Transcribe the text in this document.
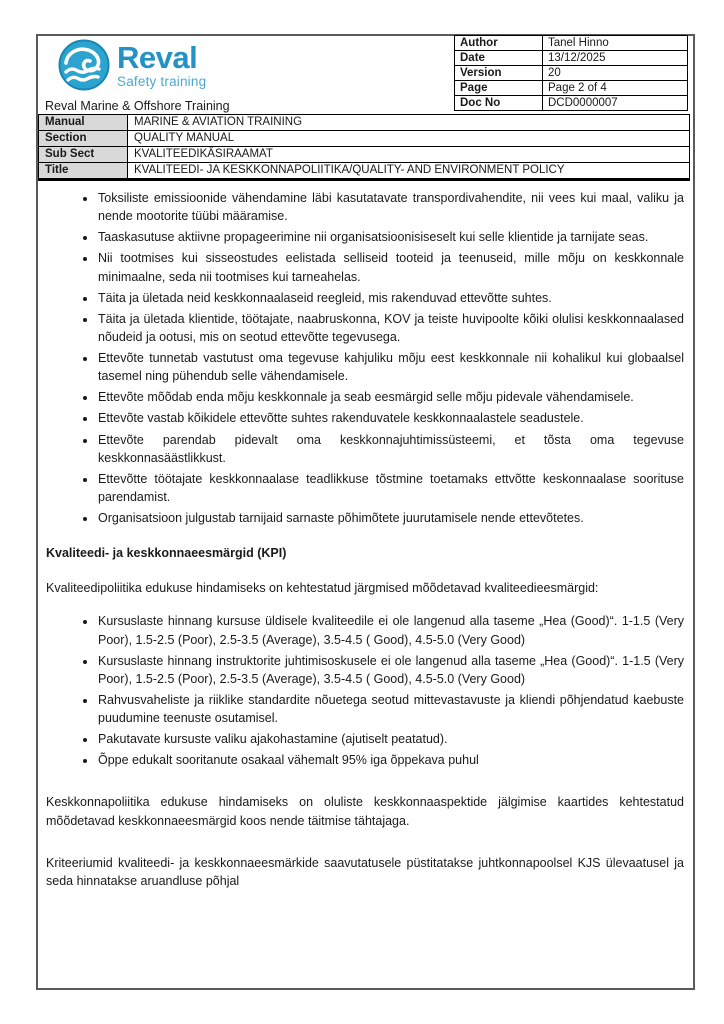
Reval
Safety training
Reval Marine & Offshore Training
Author	Tanel Hinno
Date	13/12/2025
Version	20
Page	Page 2 of 4
Doc No	DCD0000007
Manual	MARINE & AVIATION TRAINING
Section	QUALITY MANUAL
Sub Sect	KVALITEEDIKÄSIRAAMAT
Title	KVALITEEDI- JA KESKKONNAPOLIITIKA/QUALITY- AND ENVIRONMENT POLICY
• Toksiliste emissioonide vähendamine läbi kasutatavate transpordivahendite, nii vees kui maal, valiku ja nende mootorite tüübi määramise.
• Taaskasutuse aktiivne propageerimine nii organisatsioonisiseselt kui selle klientide ja tarnijate seas.
• Nii tootmises kui sisseostudes eelistada selliseid tooteid ja teenuseid, mille mõju on keskkonnale minimaalne, seda nii tootmises kui tarneahelas.
• Täita ja ületada neid keskkonnaalaseid reegleid, mis rakenduvad ettevõtte suhtes.
• Täita ja ületada klientide, töötajate, naabruskonna, KOV ja teiste huvipoolte kõiki olulisi keskkonnaalased nõudeid ja ootusi, mis on seotud ettevõtte tegevusega.
• Ettevõte tunnetab vastutust oma tegevuse kahjuliku mõju eest keskkonnale nii kohalikul kui globaalsel tasemel ning pühendub selle vähendamisele.
• Ettevõte mõõdab enda mõju keskkonnale ja seab eesmärgid selle mõju pidevale vähendamisele.
• Ettevõte vastab kõikidele ettevõtte suhtes rakenduvatele keskkonnaalastele seadustele.
• Ettevõte parendab pidevalt oma keskkonnajuhtimissüsteemi, et tõsta oma tegevuse keskkonnasäästlikkust.
• Ettevõtte töötajate keskkonnaalase teadlikkuse tõstmine toetamaks ettvõtte keskonnaalase soorituse parendamist.
• Organisatsioon julgustab tarnijaid sarnaste põhimõtete juurutamisele nende ettevõtetes.

Kvaliteedi- ja keskkonnaeesmärgid (KPI)

Kvaliteedipoliitika edukuse hindamiseks on kehtestatud järgmised mõõdetavad kvaliteedieesmärgid:

• Kursuslaste hinnang kursuse üldisele kvaliteedile ei ole langenud alla taseme „Hea (Good)“. 1-1.5 (Very Poor), 1.5-2.5 (Poor), 2.5-3.5 (Average), 3.5-4.5 ( Good), 4.5-5.0 (Very Good)
• Kursuslaste hinnang instruktorite juhtimisoskusele ei ole langenud alla taseme „Hea (Good)“. 1-1.5 (Very Poor), 1.5-2.5 (Poor), 2.5-3.5 (Average), 3.5-4.5 ( Good), 4.5-5.0 (Very Good)
• Rahvusvaheliste ja riiklike standardite nõuetega seotud mittevastavuste ja kliendi põhjendatud kaebuste puudumine teenuste osutamisel.
• Pakutavate kursuste valiku ajakohastamine (ajutiselt peatatud).
• Õppe edukalt sooritanute osakaal vähemalt 95% iga õppekava puhul

Keskkonnapoliitika edukuse hindamiseks on oluliste keskkonnaaspektide jälgimise kaartides kehtestatud mõõdetavad keskkonnaeesmärgid koos nende täitmise tähtajaga.

Kriteeriumid kvaliteedi- ja keskkonnaeesmärkide saavutatusele püstitatakse juhtkonnapoolsel KJS ülevaatusel ja seda hinnatakse aruandluse põhjal
